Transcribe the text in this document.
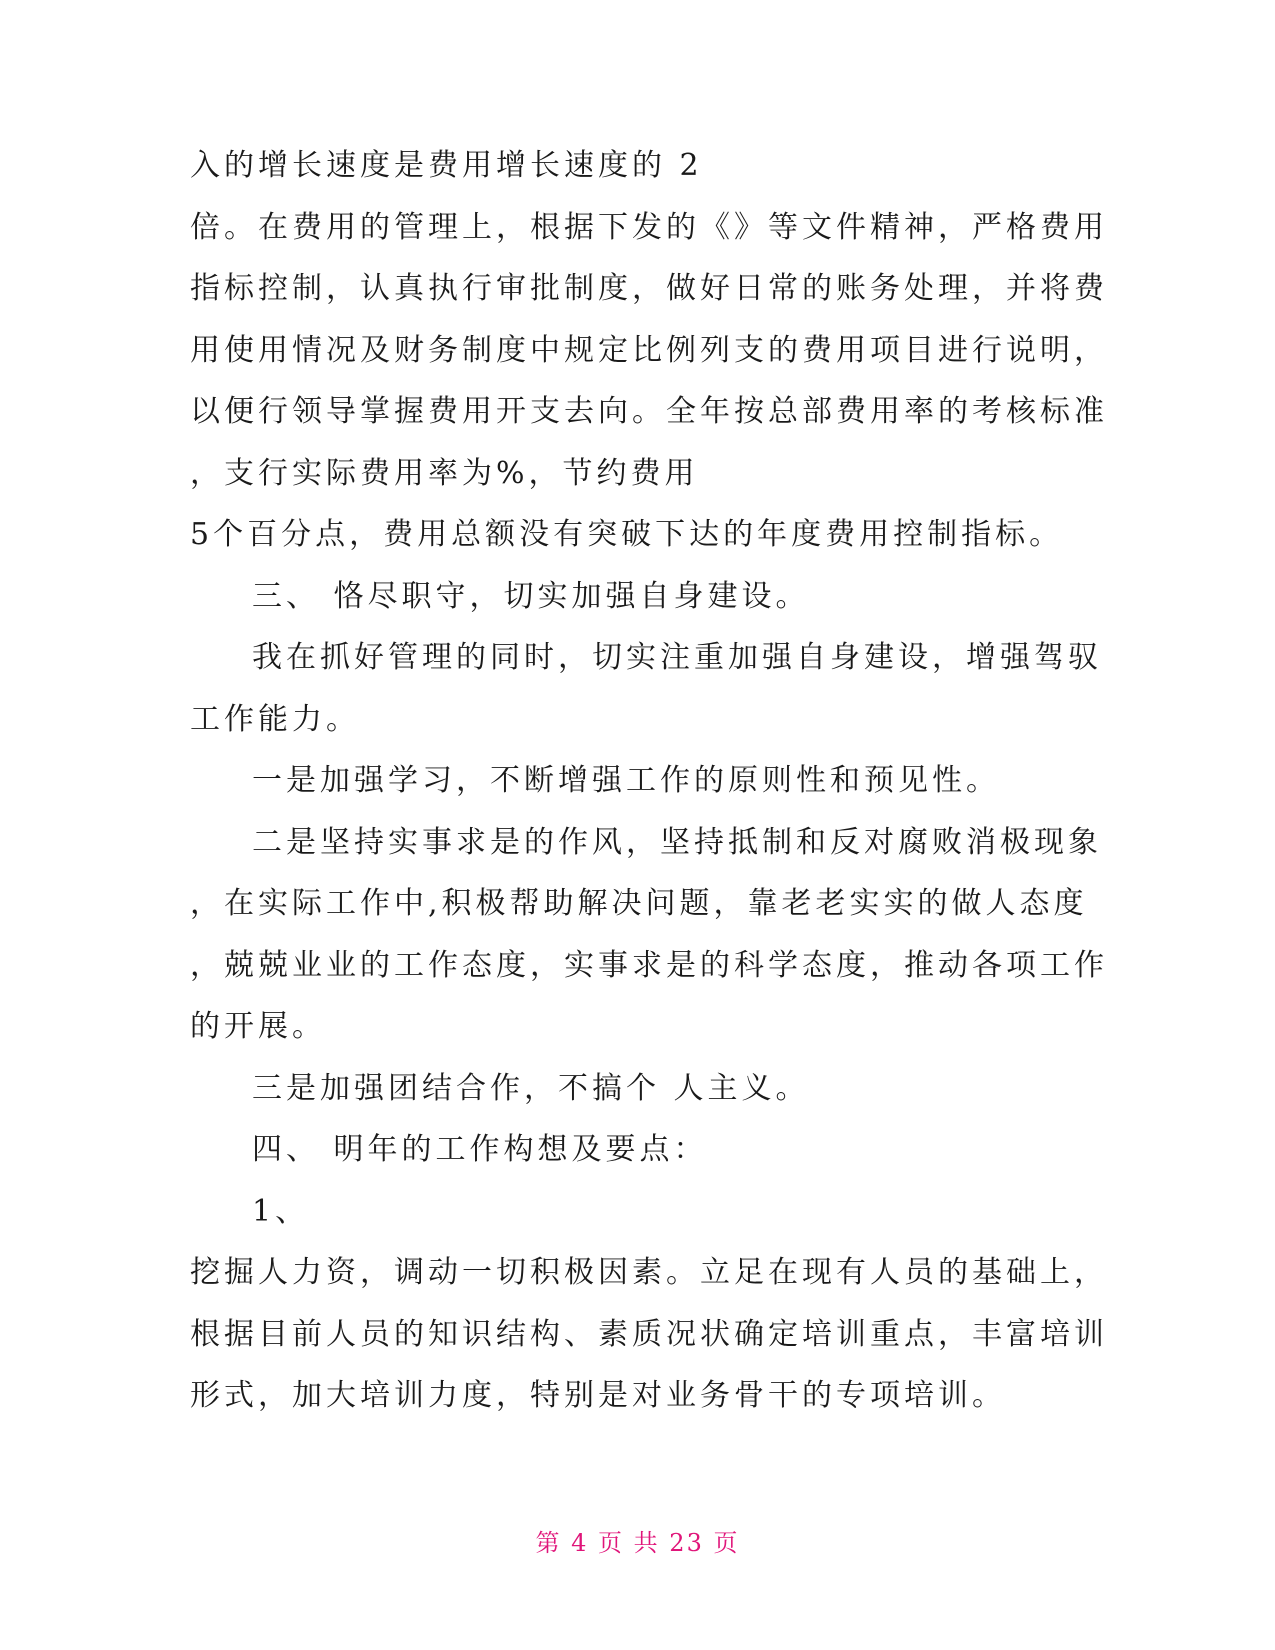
入的增长速度是费用增长速度的 2
倍。在费用的管理上，根据下发的《》等文件精神，严格费用
指标控制，认真执行审批制度，做好日常的账务处理，并将费
用使用情况及财务制度中规定比例列支的费用项目进行说明，
以便行领导掌握费用开支去向。全年按总部费用率的考核标准
，支行实际费用率为%，节约费用
5个百分点，费用总额没有突破下达的年度费用控制指标。
三、 恪尽职守，切实加强自身建设。
我在抓好管理的同时，切实注重加强自身建设，增强驾驭
工作能力。
一是加强学习，不断增强工作的原则性和预见性。
二是坚持实事求是的作风，坚持抵制和反对腐败消极现象
，在实际工作中,积极帮助解决问题，靠老老实实的做人态度
，兢兢业业的工作态度，实事求是的科学态度，推动各项工作
的开展。
三是加强团结合作，不搞个 人主义。
四、 明年的工作构想及要点：
1、
挖掘人力资，调动一切积极因素。立足在现有人员的基础上，
根据目前人员的知识结构、素质况状确定培训重点，丰富培训
形式，加大培训力度，特别是对业务骨干的专项培训。
第 4 页 共 23 页
